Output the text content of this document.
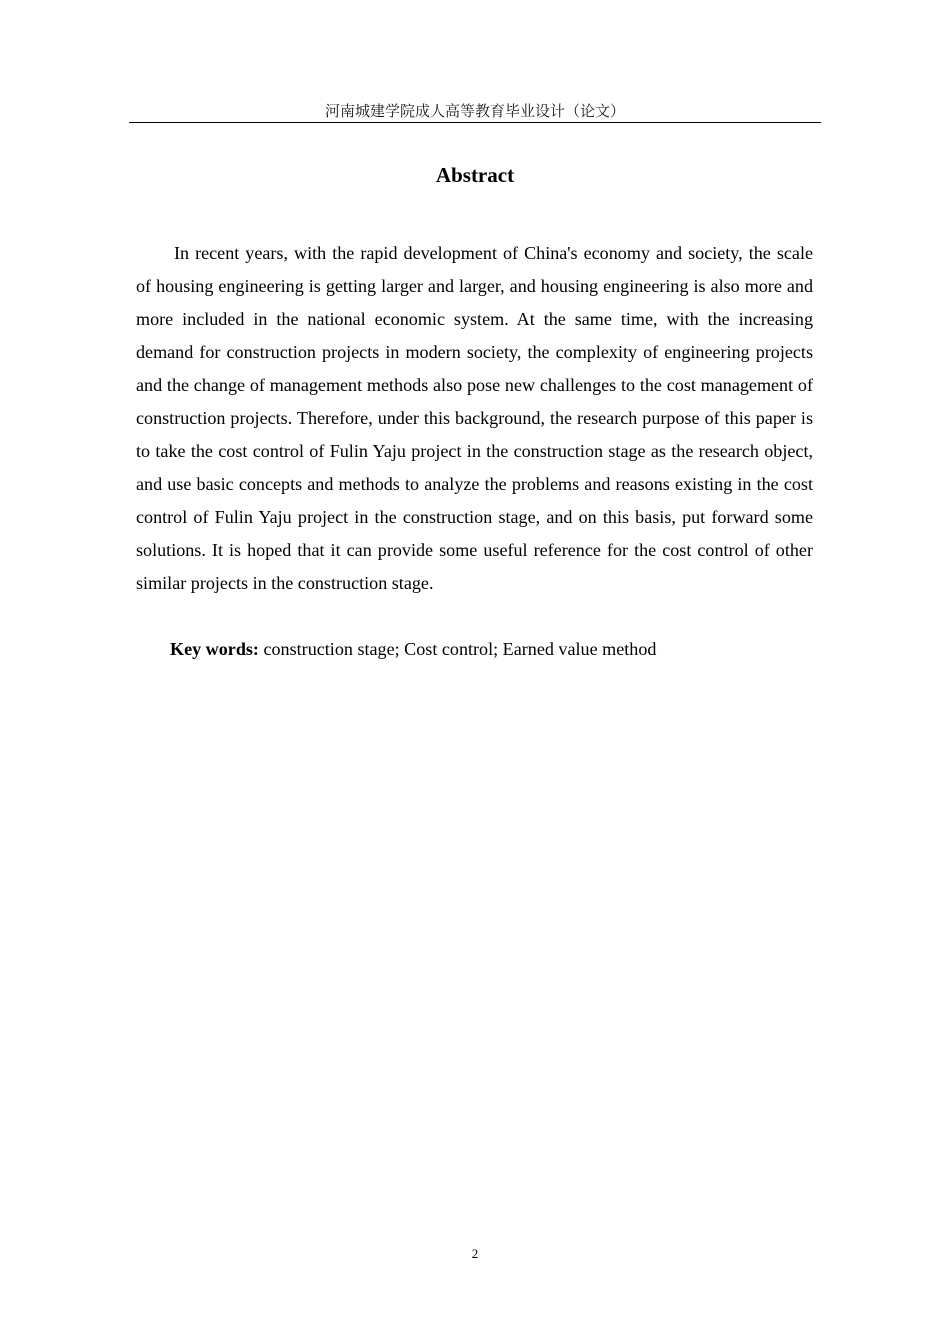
河南城建学院成人高等教育毕业设计（论文）
Abstract

In recent years, with the rapid development of China's economy and society, the scale of housing engineering is getting larger and larger, and housing engineering is also more and more included in the national economic system. At the same time, with the increasing demand for construction projects in modern society, the complexity of engineering projects and the change of management methods also pose new challenges to the cost management of construction projects. Therefore, under this background, the research purpose of this paper is to take the cost control of Fulin Yaju project in the construction stage as the research object, and use basic concepts and methods to analyze the problems and reasons existing in the cost control of Fulin Yaju project in the construction stage, and on this basis, put forward some solutions. It is hoped that it can provide some useful reference for the cost control of other similar projects in the construction stage.

Key words: construction stage; Cost control; Earned value method

2
